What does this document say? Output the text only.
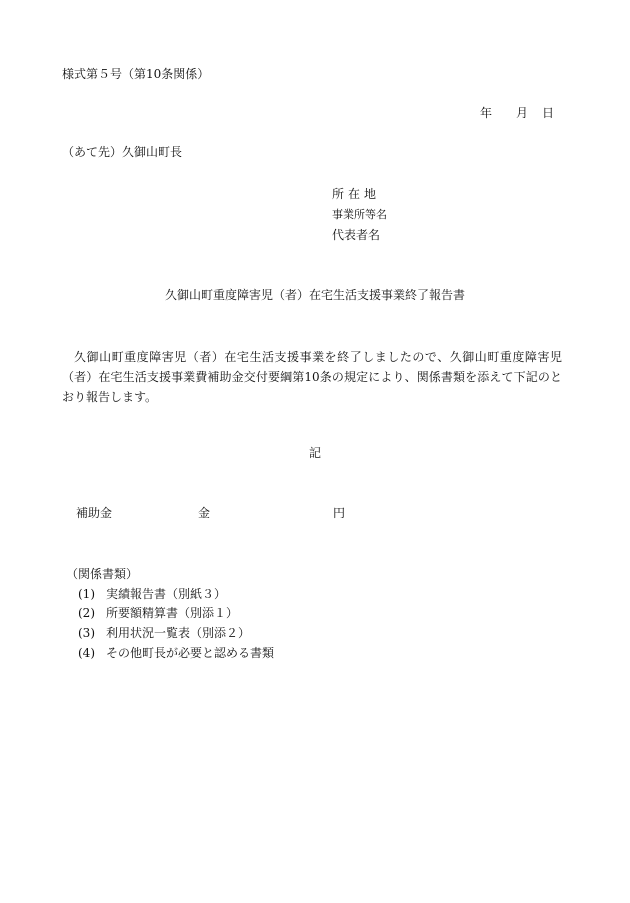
様式第５号（第10条関係）
年 月 日
（あて先）久御山町長
所在地
事業所等名
代表者名
久御山町重度障害児（者）在宅生活支援事業終了報告書
久御山町重度障害児（者）在宅生活支援事業を終了しましたので、久御山町重度障害児（者）在宅生活支援事業費補助金交付要綱第10条の規定により、関係書類を添えて下記のとおり報告します。
記
補助金	金	円
（関係書類）
(1) 実績報告書（別紙３）
(2) 所要額精算書（別添１）
(3) 利用状況一覧表（別添２）
(4) その他町長が必要と認める書類
